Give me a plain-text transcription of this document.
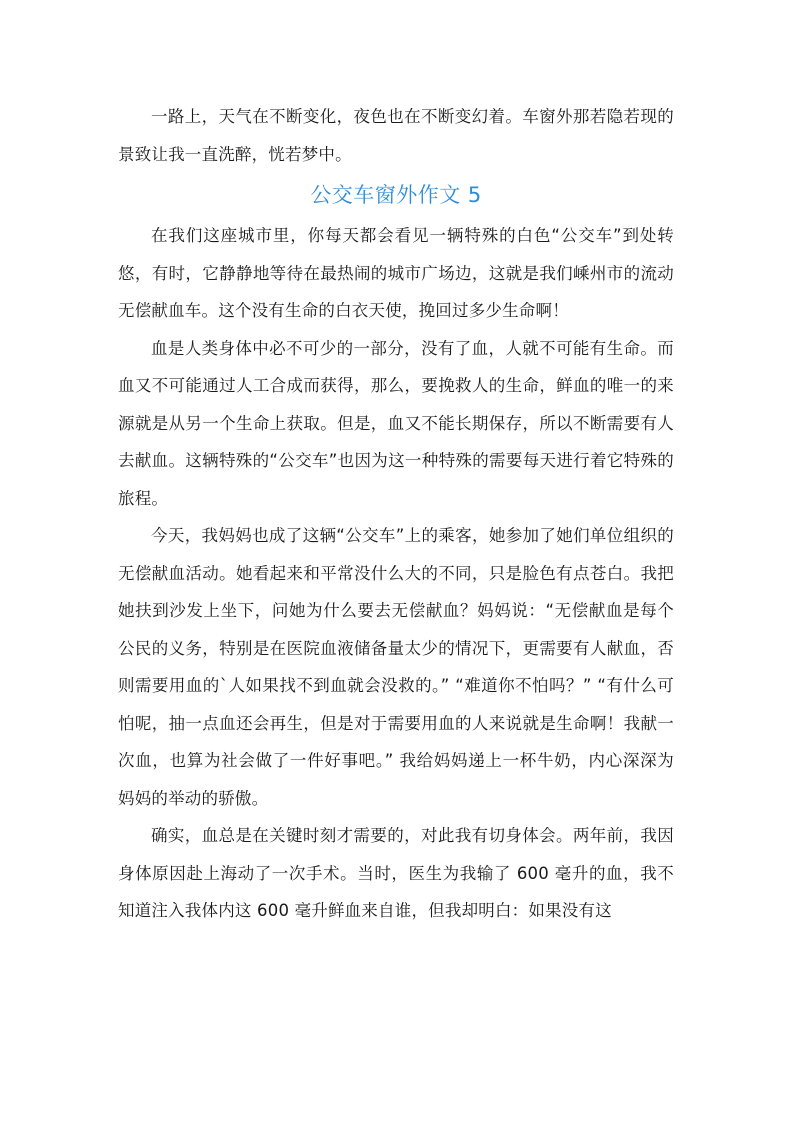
一路上，天气在不断变化，夜色也在不断变幻着。车窗外那若隐若现的景致让我一直洗醉，恍若梦中。

公交车窗外作文 5

在我们这座城市里，你每天都会看见一辆特殊的白色“公交车”到处转悠，有时，它静静地等待在最热闹的城市广场边，这就是我们嵊州市的流动无偿献血车。这个没有生命的白衣天使，挽回过多少生命啊！

血是人类身体中必不可少的一部分，没有了血，人就不可能有生命。而血又不可能通过人工合成而获得，那么，要挽救人的生命，鲜血的唯一的来源就是从另一个生命上获取。但是，血又不能长期保存，所以不断需要有人去献血。这辆特殊的“公交车”也因为这一种特殊的需要每天进行着它特殊的旅程。

今天，我妈妈也成了这辆“公交车”上的乘客，她参加了她们单位组织的无偿献血活动。她看起来和平常没什么大的不同，只是脸色有点苍白。我把她扶到沙发上坐下，问她为什么要去无偿献血？妈妈说：“无偿献血是每个公民的义务，特别是在医院血液储备量太少的情况下，更需要有人献血，否则需要用血的`人如果找不到血就会没救的。” “难道你不怕吗？” “有什么可怕呢，抽一点血还会再生，但是对于需要用血的人来说就是生命啊！我献一次血，也算为社会做了一件好事吧。” 我给妈妈递上一杯牛奶，内心深深为妈妈的举动的骄傲。

确实，血总是在关键时刻才需要的，对此我有切身体会。两年前，我因身体原因赴上海动了一次手术。当时，医生为我输了 600 毫升的血，我不知道注入我体内这 600 毫升鲜血来自谁，但我却明白：如果没有这
